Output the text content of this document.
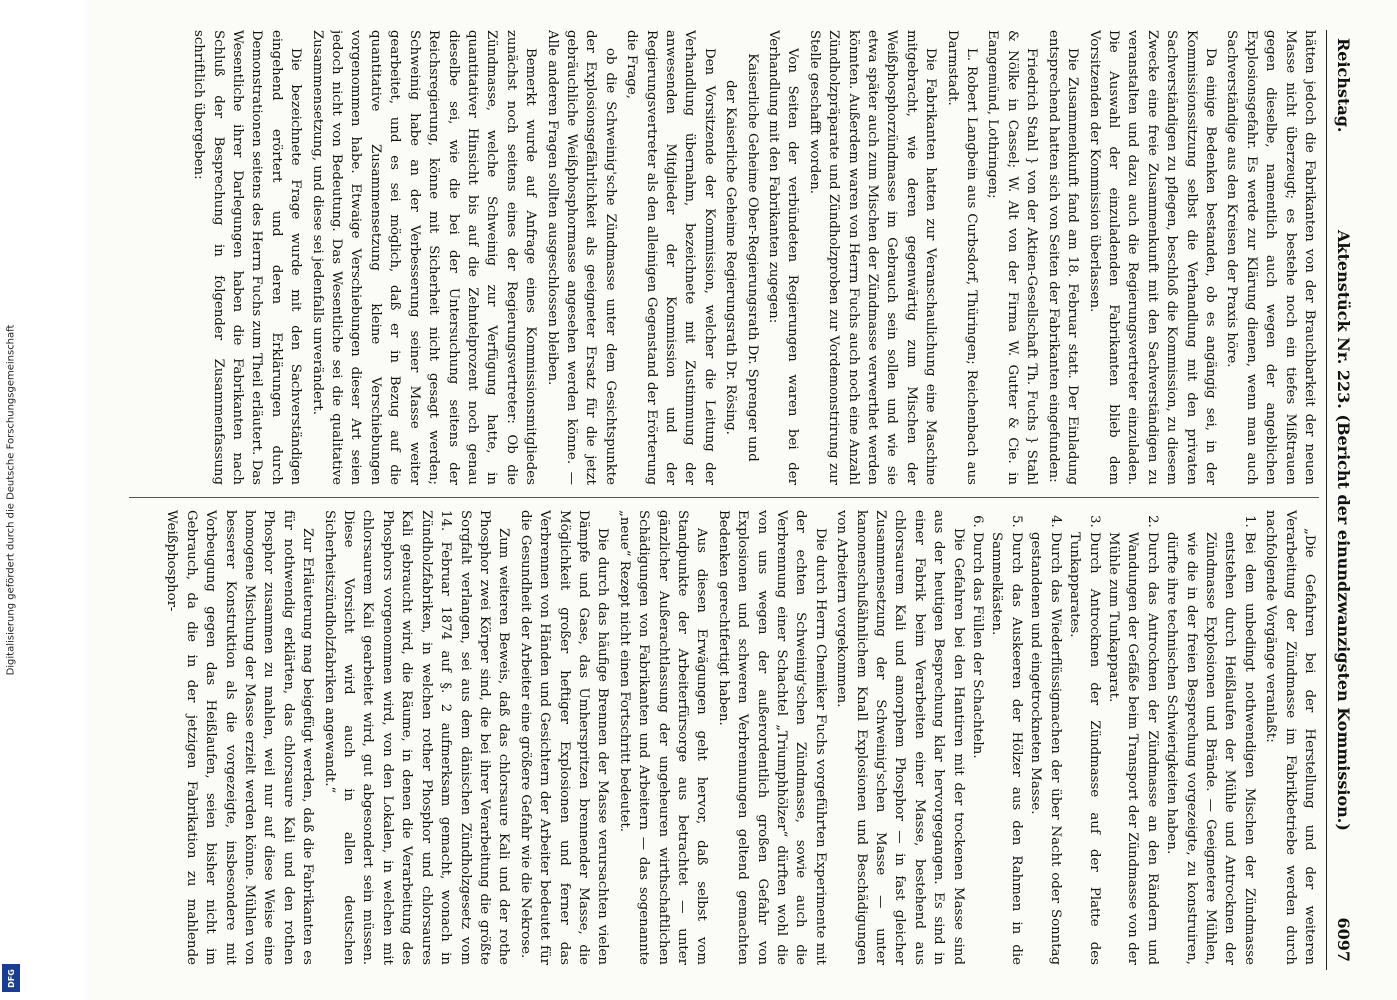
Digitalisierung gefördert durch die Deutsche Forschungsgemeinschaft
DFG
Reichstag.
Aktenstück Nr. 223. (Bericht der einundzwanzigsten Kommission.)
6097

hätten jedoch die Fabrikanten von der Brauchbarkeit der neuen Masse nicht überzeugt; es bestehe noch ein tiefes Mißtrauen gegen dieselbe, namentlich auch wegen der angeblichen Explosionsgefahr. Es werde zur Klärung dienen, wenn man auch Sachverständige aus den Kreisen der Praxis höre.

Da einige Bedenken bestanden, ob es angängig sei, in der Kommissionssitzung selbst die Verhandlung mit den privaten Sachverständigen zu pflegen, beschloß die Kommission, zu diesem Zwecke eine freie Zusammenkunft mit den Sachverständigen zu veranstalten und dazu auch die Regierungsvertreter einzuladen. Die Auswahl der einzuladenden Fabrikanten blieb dem Vorsitzenden der Kommission überlassen.

Die Zusammenkunft fand am 18. Februar statt. Der Einladung entsprechend hatten sich von Seiten der Fabrikanten eingefunden:

Friedrich Stahl } von der Aktien-Gesellschaft Th. Fuchs } Stahl & Nölke in Cassel; W. Alt von der Firma W. Gutter & Cie. in Eangemünd, Lothringen;

L. Robert Langbein aus Curbsdorf, Thüringen; Reichenbach aus Darmstadt.

Die Fabrikanten hatten zur Veranschaulichung eine Maschine mitgebracht, wie deren gegenwärtig zum Mischen der Weißphosphorzündmasse im Gebrauch sein sollen und wie sie etwa später auch zum Mischen der Zündmasse verwerthet werden könnten. Außerdem waren von Herrn Fuchs auch noch eine Anzahl Zündholzpräparate und Zündholzproben zur Vordemonstrirung zur Stelle geschafft worden.

Von Seiten der verbündeten Regierungen waren bei der Verhandlung mit den Fabrikanten zugegen:

Kaiserliche Geheime Ober-Regierungsrath Dr. Sprenger und

der Kaiserliche Geheime Regierungsrath Dr. Rösing.

Den Vorsitzende der Kommission, welcher die Leitung der Verhandlung übernahm, bezeichnete mit Zustimmung der anwesenden Mitglieder der Kommission und der Regierungsvertreter als den alleinigen Gegenstand der Erörterung die Frage,

ob die Schweinig'sche Zündmasse unter dem Gesichtspunkte der Explosionsgefährlichkeit als geeigneter Ersatz für die jetzt gebräuchliche Weißphosphormasse angesehen werden könne. — Alle anderen Fragen sollten ausgeschlossen bleiben.

Bemerkt wurde auf Anfrage eines Kommissionsmitgliedes zunächst noch seitens eines der Regierungsvertreter: Ob die Zündmasse, welche Schweinig zur Verfügung hatte, in quantitativer Hinsicht bis auf die Zehntelprozent noch genau dieselbe sei, wie die bei der Untersuchung seitens der Reichsregierung, könne mit Sicherheit nicht gesagt werden; Schweinig habe an der Verbesserung seiner Masse weiter gearbeitet, und es sei möglich, daß er in Bezug auf die quantitative Zusammensetzung kleine Verschiebungen vorgenommen habe. Etwaige Verschiebungen dieser Art seien jedoch nicht von Bedeutung. Das Wesentliche sei die qualitative Zusammensetzung, und diese sei jedenfalls unverändert.

Die bezeichnete Frage wurde mit den Sachverständigen eingehend erörtert und deren Erklärungen durch Demonstrationen seitens des Herrn Fuchs zum Theil erläutert. Das Wesentliche ihrer Darlegungen haben die Fabrikanten nach Schluß der Besprechung in folgender Zusammenfassung schriftlich übergeben:

„Die Gefahren bei der Herstellung und der weiteren Verarbeitung der Zündmasse im Fabrikbetriebe werden durch nachfolgende Vorgänge veranlaßt:

1. Bei dem unbedingt nothwendigen Mischen der Zündmasse entstehen durch Heißlaufen der Mühle und Antrocknen der Zündmasse Explosionen und Brände. — Geeignetere Mühlen, wie die in der freien Besprechung vorgezeigte, zu konstruiren, dürfte ihre technischen Schwierigkeiten haben.
2. Durch das Antrocknen der Zündmasse an den Rändern und Wandungen der Gefäße beim Transport der Zündmasse von der Mühle zum Tunkapparat.
3. Durch Antrocknen der Zündmasse auf der Platte des Tunkapparates.
4. Durch das Wiederflüssigmachen der über Nacht oder Sonntag gestandenen und eingetrockneten Masse.
5. Durch das Auskeeren der Hölzer aus den Rahmen in die Sammelkästen.
6. Durch das Füllen der Schachteln.

Die Gefahren bei den Hantiren mit der trockenen Masse sind aus der heutigen Besprechung klar hervorgegangen. Es sind in einer Fabrik beim Verarbeiten einer Masse, bestehend aus chlorsaurem Kali und amorphem Phosphor — in fast gleicher Zusammensetzung der Schweinig'schen Masse — unter kanonenschußähnlichem Knall Explosionen und Beschädigungen von Arbeitern vorgekommen.

Die durch Herrn Chemiker Fuchs vorgeführten Experimente mit der echten Schweinig'schen Zündmasse, sowie auch die Verbrennung einer Schachtel „Triumphhölzer“ dürften wohl die von uns wegen der außerordentlich großen Gefahr von Explosionen und schweren Verbrennungen geltend gemachten Bedenken gerechtfertigt haben.

Aus diesen Erwägungen geht hervor, daß selbst vom Standpunkte der Arbeiterfürsorge aus betrachtet — unter gänzlicher Außerachtlassung der ungeheuren wirthschaftlichen Schädigungen von Fabrikanten und Arbeitern — das sogenannte „neue“ Rezept nicht einen Fortschritt bedeutet.

Die durch das häufige Brennen der Masse verursachten vielen Dämpfe und Gase, das Umherspritzen brennender Masse, die Möglichkeit großer heftiger Explosionen und ferner das Verbrennen von Händen und Gesichtern der Arbeiter bedeutet für die Gesundheit der Arbeiter eine größere Gefahr wie die Nekrose.

Zum weiteren Beweis, daß das chlorsaure Kali und der rothe Phosphor zwei Körper sind, die bei ihrer Verarbeitung die größte Sorgfalt verlangen, sei aus dem dänischen Zündholzgesetz vom 14. Februar 1874 auf §. 2 aufmerksam gemacht, wonach in Zündholzfabriken, in welchen rother Phosphor und chlorsaures Kali gebraucht wird, die Räume, in denen die Verarbeitung des Phosphors vorgenommen wird, von den Lokalen, in welchen mit chlorsaurem Kali gearbeitet wird, gut abgesondert sein müssen. Diese Vorsicht wird auch in allen deutschen Sicherheitszündholzfabriken angewandt.“

Zur Erläuterung mag beigefügt werden, daß die Fabrikanten es für nothwendig erklärten, das chlorsaure Kali und den rothen Phosphor zusammen zu mahlen, weil nur auf diese Weise eine homogene Mischung der Masse erzielt werden könne. Mühlen von besserer Konstruktion als die vorgezeigte, insbesondere mit Vorbeugung gegen das Heißlaufen, seien bisher nicht im Gebrauch, da die in der jetzigen Fabrikation zu mahlende Weißphosphor-
